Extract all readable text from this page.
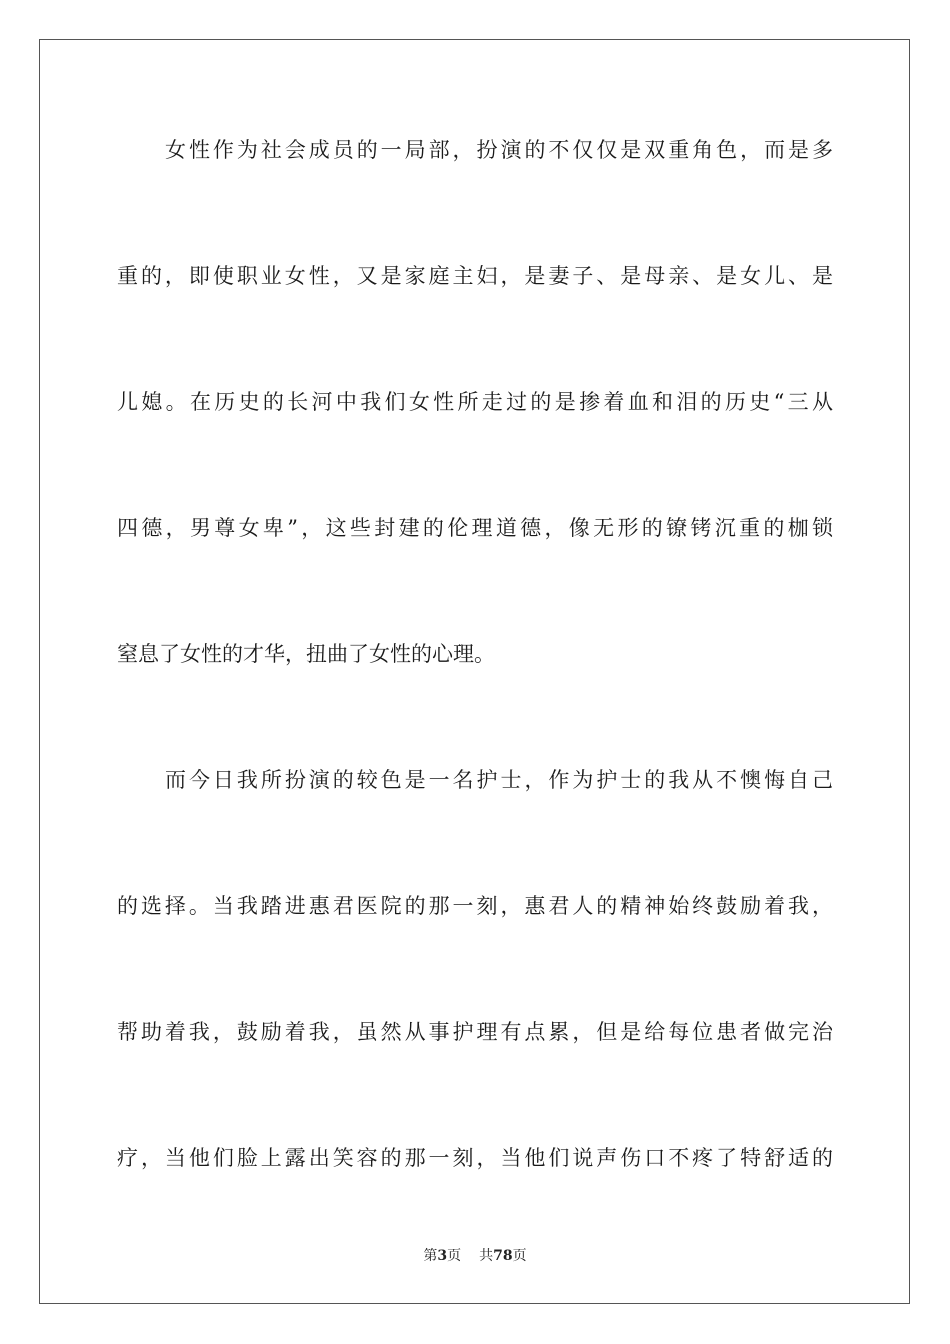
女性作为社会成员的一局部，扮演的不仅仅是双重角色，而是多
重的，即使职业女性，又是家庭主妇，是妻子、是母亲、是女儿、是
儿媳。在历史的长河中我们女性所走过的是掺着血和泪的历史“三从
四德，男尊女卑”，这些封建的伦理道德，像无形的镣铐沉重的枷锁
窒息了女性的才华，扭曲了女性的心理。
而今日我所扮演的较色是一名护士，作为护士的我从不懊悔自己
的选择。当我踏进惠君医院的那一刻，惠君人的精神始终鼓励着我，
帮助着我，鼓励着我，虽然从事护理有点累，但是给每位患者做完治
疗，当他们脸上露出笑容的那一刻，当他们说声伤口不疼了特舒适的
第3页 共78页
